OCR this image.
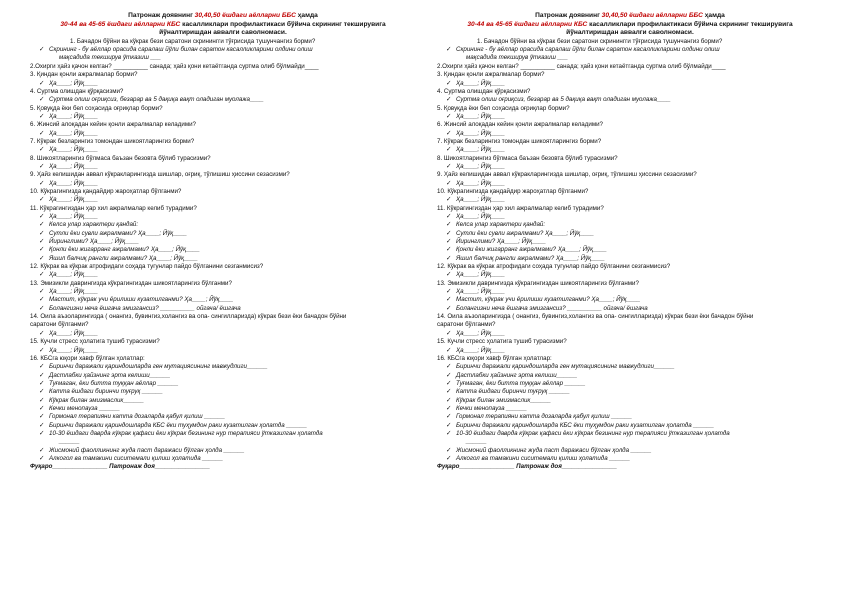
Патронаж доявнинг 30,40,50 ёшдаги аёлларни ББС ҳамда
30-44 ва 45-65 ёшдаги аёлларни КБС касалликлари профилактикаси бўйича скрининг текширувига
йўналтиришдан аввалги саволномаси.
1. Бачадон бўйни ва кўкрак бези саратони скринингги тўғрисида тушунчангиз борми?
✓ Скрининг - бу аёллар орасида саралаш йўли билан саратон касалликларини олдини олиш
мақсадида текширув ўтказиш ___
2.Охирги ҳайз қачон келган? __________ санада; ҳайз қони кетаётганда суртма олиб бўлмайди____
3. Қиндан қонли ажралмалар борми?
✓ Ҳа____; Йўқ____
4. Суртма олишдан қўрқасизми?
✓ Суртма олиш оғриқсиз, безарар ва 5 дақиқа вақт оладиган муолажа____
5. Қовуқда ёки бел соҳасида оғриқлар борми?
✓ Ҳа____; Йўқ____
6. Жинсий алоқадан кейин қонли ажралмалар келадими?
✓ Ҳа____; Йўқ____
7. Кўкрак безларингиз томондан шикоятларингиз борми?
✓ Ҳа____; Йўқ____
8. Шикоятларингиз бўлмаса баъзан безовта бўлиб турасизми?
✓ Ҳа____; Йўқ____
9. Ҳайз келишидан аввал кўкракларингизда шишлар, оғриқ, тўлишиш ҳиссини сезасизми?
✓ Ҳа____; Йўқ____
10. Кўкрагингизда қандайдир жароҳатлар бўлганми?
✓ Ҳа____; Йўқ____
11. Кўкрагингиздан ҳар хил ажралмалар келиб турадими?
✓ Ҳа____; Йўқ____
✓ Келса улар характери қандай:
✓ Сутли ёки сувли ажралмами? Ҳа____; Йўқ____
✓ Йиринглими? Ҳа____; Йўқ____
✓ Қонли ёки жигарранг ажралмами? Ҳа____; Йўқ____
✓ Яшил балчиқ рангли ажралмами? Ҳа____; Йўқ____
12. Кўкрак ва кўкрак атрофидаги соҳада тугунлар пайдо бўлганини сезганмисиз?
✓ Ҳа____; Йўқ____
13. Эмизикли даврингизда кўкрагингиздан шикоятларингиз бўлганми?
✓ Ҳа____; Йўқ____
✓ Мастит, кўкрак учи ёрилиши кузатилганми? Ҳа____; Йўқ____
✓ Болангизни неча ёшгача эмизгансиз? __________ ойгача/ ёшгача
14. Оила аъзоларингизда ( онангиз, бувингиз,холангиз ва опа- сингилларизда) кўкрак бези ёки бачадон бўйни
саратони бўлганми?
✓ Ҳа____; Йўқ____
15. Кучли стресс ҳолатига тушиб турасизми?
✓ Ҳа____; Йўқ____
16. КБСга юқори хавф бўлган ҳолатлар:
✓ Биринчи даражали қариндошларда ген мутациясининг мавжудлиги______
✓ Дастлабки ҳайзнинг эрта келиши______
✓ Туғмаган, ёки битта туққан аёллар ______
✓ Катта ёшдаги биринчи туғруқ ______
✓ Кўкрак билан эмизмаслик______
✓ Кечки менопауза ______
✓ Гормонал терапияни катта дозаларда қабул қилиш ______
✓ Биринчи даражали қариндошларда КБС ёки туҳумдон раки кузатилган ҳолатда ______
✓ 10-30 ёшдаги даврда кўкрак қафаси ёки кўкрак безининг нур терапияси ўтказилган ҳолатда
______
✓ Жисмоний фаолликнинг жуда паст даражаси бўлган ҳолда ______
✓ Алкогол ва тамакини сиситемали қилиш ҳолатида ______
Фуқаро________________ Патронаж доя________________
Патронаж доявнинг 30,40,50 ёшдаги аёлларни ББС ҳамда
30-44 ва 45-65 ёшдаги аёлларни КБС касалликлари профилактикаси бўйича скрининг текширувига
йўналтиришдан аввалги саволномаси.
1. Бачадон бўйни ва кўкрак бези саратони скринингги тўғрисида тушунчангиз борми?
✓ Скрининг - бу аёллар орасида саралаш йўли билан саратон касалликларини олдини олиш
мақсадида текширув ўтказиш ___
2.Охирги ҳайз қачон келган? __________ санада; ҳайз қони кетаётганда суртма олиб бўлмайди____
3. Қиндан қонли ажралмалар борми?
✓ Ҳа____; Йўқ____
4. Суртма олишдан қўрқасизми?
✓ Суртма олиш оғриқсиз, безарар ва 5 дақиқа вақт оладиган муолажа____
5. Қовуқда ёки бел соҳасида оғриқлар борми?
✓ Ҳа____; Йўқ____
6. Жинсий алоқадан кейин қонли ажралмалар келадими?
✓ Ҳа____; Йўқ____
7. Кўкрак безларингиз томондан шикоятларингиз борми?
✓ Ҳа____; Йўқ____
8. Шикоятларингиз бўлмаса баъзан безовта бўлиб турасизми?
✓ Ҳа____; Йўқ____
9. Ҳайз келишидан аввал кўкракларингизда шишлар, оғриқ, тўлишиш ҳиссини сезасизми?
✓ Ҳа____; Йўқ____
10. Кўкрагингизда қандайдир жароҳатлар бўлганми?
✓ Ҳа____; Йўқ____
11. Кўкрагингиздан ҳар хил ажралмалар келиб турадими?
✓ Ҳа____; Йўқ____
✓ Келса улар характери қандай:
✓ Сутли ёки сувли ажралмами? Ҳа____; Йўқ____
✓ Йиринглими? Ҳа____; Йўқ____
✓ Қонли ёки жигарранг ажралмами? Ҳа____; Йўқ____
✓ Яшил балчиқ рангли ажралмами? Ҳа____; Йўқ____
12. Кўкрак ва кўкрак атрофидаги соҳада тугунлар пайдо бўлганини сезганмисиз?
✓ Ҳа____; Йўқ____
13. Эмизикли даврингизда кўкрагингиздан шикоятларингиз бўлганми?
✓ Ҳа____; Йўқ____
✓ Мастит, кўкрак учи ёрилиши кузатилганми? Ҳа____; Йўқ____
✓ Болангизни неча ёшгача эмизгансиз? __________ ойгача/ ёшгача
14. Оила аъзоларингизда ( онангиз, бувингиз,холангиз ва опа- сингилларизда) кўкрак бези ёки бачадон бўйни
саратони бўлганми?
✓ Ҳа____; Йўқ____
15. Кучли стресс ҳолатига тушиб турасизми?
✓ Ҳа____; Йўқ____
16. КБСга юқори хавф бўлган ҳолатлар:
✓ Биринчи даражали қариндошларда ген мутациясининг мавжудлиги______
✓ Дастлабки ҳайзнинг эрта келиши______
✓ Туғмаган, ёки битта туққан аёллар ______
✓ Катта ёшдаги биринчи туғруқ ______
✓ Кўкрак билан эмизмаслик______
✓ Кечки менопауза ______
✓ Гормонал терапияни катта дозаларда қабул қилиш ______
✓ Биринчи даражали қариндошларда КБС ёки туҳумдон раки кузатилган ҳолатда ______
✓ 10-30 ёшдаги даврда кўкрак қафаси ёки кўкрак безининг нур терапияси ўтказилган ҳолатда
______
✓ Жисмоний фаолликнинг жуда паст даражаси бўлган ҳолда ______
✓ Алкогол ва тамакини сиситемали қилиш ҳолатида ______
Фуқаро________________ Патронаж доя________________
